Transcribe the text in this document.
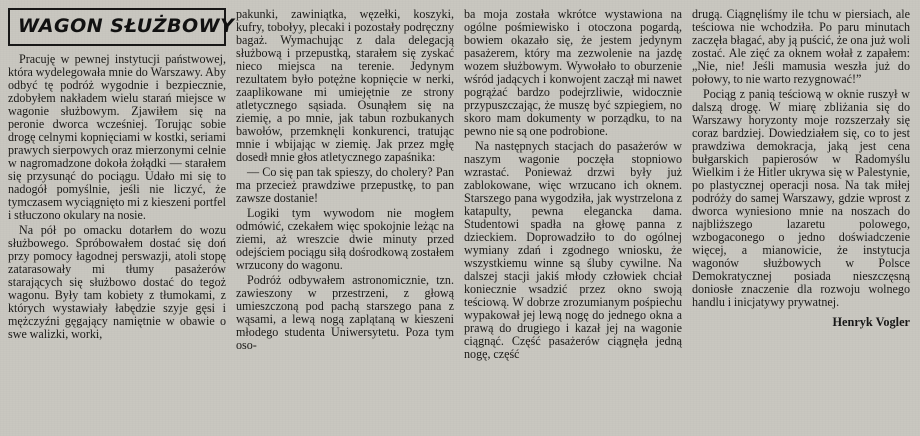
WAGON SŁUŻBOWY

Pracuję w pewnej instytucji państwowej, która wydelegowała mnie do Warszawy. Aby odbyć tę podróż wygodnie i bezpiecznie, zdobyłem nakładem wielu starań miejsce w wagonie służbowym. Zjawiłem się na peronie dworca wcześniej. Torując sobie drogę celnymi kopnięciami w kostki, seriami prawych sierpowych oraz mierzonymi celnie w nagromadzone dokoła żołądki — starałem się przysunąć do pociągu. Udało mi się to nadogół pomyślnie, jeśli nie liczyć, że tymczasem wyciągnięto mi z kieszeni portfel i stłuczono okulary na nosie.

Na pół po omacku dotarłem do wozu służbowego. Spróbowałem dostać się doń przy pomocy łagodnej perswazji, atoli stopę zatarasowały mi tłumy pasażerów starających się służbowo dostać do tegoż wagonu. Były tam kobiety z tłumokami, z których wystawiały łabędzie szyje gęsi i mężczyźni gęgający namiętnie w obawie o swe walizki, worki,

pakunki, zawiniątka, węzełki, koszyki, kufry, tobołyy, plecaki i pozostały podręczny bagaż. Wymachując z dala delegacją służbową i przepustką, starałem się zyskać nieco miejsca na terenie. Jedynym rezultatem było potężne kopnięcie w nerki, zaaplikowane mi umiejętnie ze strony atletycznego sąsiada. Osunąłem się na ziemię, a po mnie, jak tabun rozbukanych bawołów, przemknęli konkurenci, tratując mnie i wbijając w ziemię. Jak przez mgłę dosedł mnie głos atletycznego zapaśnika:

— Co się pan tak spieszy, do cholery? Pan ma przecież prawdziwe przepustkę, to pan zawsze dostanie!

Logiki tym wywodom nie mogłem odmówić, czekałem więc spokojnie leżąc na ziemi, aż wreszcie dwie minuty przed odejściem pociągu siłą dośrodkową zostałem wrzucony do wagonu.

Podróż odbywałem astronomicznie, tzn. zawieszony w przestrzeni, z głową umieszczoną pod pachą starszego pana z wąsami, a lewą nogą zaplątaną w kieszeni młodego studenta Uniwersytetu. Poza tym oso-

ba moja została wkrótce wystawiona na ogólne pośmiewisko i otoczona pogardą, bowiem okazało się, że jestem jedynym pasażerem, który ma zezwolenie na jazdę wozem służbowym. Wywołało to oburzenie wśród jadących i konwojent zaczął mi nawet pogrążać bardzo podejrzliwie, widocznie przypuszczając, że muszę być szpiegiem, no skoro mam dokumenty w porządku, to na pewno nie są one podrobione.

Na następnych stacjach do pasażerów w naszym wagonie poczęła stopniowo wzrastać. Ponieważ drzwi były już zablokowane, więc wrzucano ich oknem. Starszego pana wygodziła, jak wystrzelona z katapulty, pewna elegancka dama. Studentowi spadła na głowę panna z dzieckiem. Doprowadziło to do ogólnej wymiany zdań i zgodnego wniosku, że wszystkiemu winne są śluby cywilne. Na dalszej stacji jakiś młody człowiek chciał koniecznie wsadzić przez okno swoją teściową. W dobrze zrozumianym pośpiechu wypakował jej lewą nogę do jednego okna a prawą do drugiego i kazał jej na wagonie ciągnąć. Część pasażerów ciągnęła jedną nogę, część

drugą. Ciągnęliśmy ile tchu w piersiach, ale teściowa nie wchodziła. Po paru minutach zaczęła błagać, aby ją puścić, że ona już woli zostać. Ale zięć za oknem wołał z zapałem: „Nie, nie! Jeśli mamusia weszła już do połowy, to nie warto rezygnować!”

Pociąg z panią teściową w oknie ruszył w dalszą drogę. W miarę zbliżania się do Warszawy horyzonty moje rozszerzały się coraz bardziej. Dowiedziałem się, co to jest prawdziwa demokracja, jaką jest cena bułgarskich papierosów w Radomyślu Wielkim i że Hitler ukrywa się w Palestynie, po plastycznej operacji nosa. Na tak miłej podróży do samej Warszawy, gdzie wprost z dworca wyniesiono mnie na noszach do najbliższego lazaretu polowego, wzbogaconego o jedno doświadczenie więcej, a mianowicie, że instytucja wagonów służbowych w Polsce Demokratycznej posiada nieszczęsną doniosłe znaczenie dla rozwoju wolnego handlu i inicjatywy prywatnej.

Henryk Vogler
